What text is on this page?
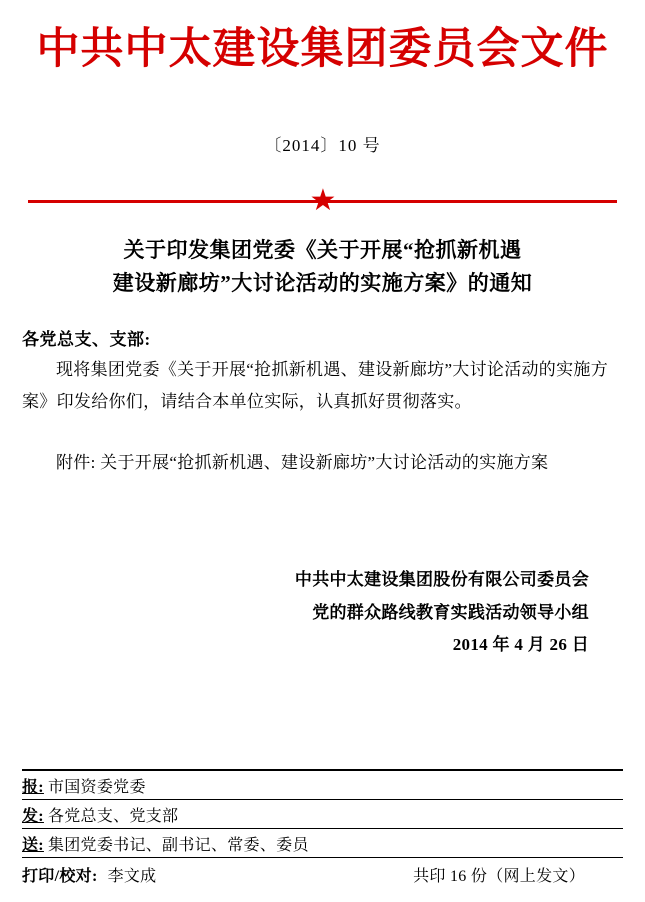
中共中太建设集团委员会文件
〔2014〕10 号
★
关于印发集团党委《关于开展“抢抓新机遇
建设新廊坊”大讨论活动的实施方案》的通知
各党总支、支部:
现将集团党委《关于开展“抢抓新机遇、建设新廊坊”大讨论活动的实施方案》印发给你们，请结合本单位实际，认真抓好贯彻落实。
附件: 关于开展“抢抓新机遇、建设新廊坊”大讨论活动的实施方案
中共中太建设集团股份有限公司委员会
党的群众路线教育实践活动领导小组
2014 年 4 月 26 日
报: 市国资委党委
发: 各党总支、党支部
送: 集团党委书记、副书记、常委、委员
打印/校对: 李文成	共印 16 份（网上发文）
